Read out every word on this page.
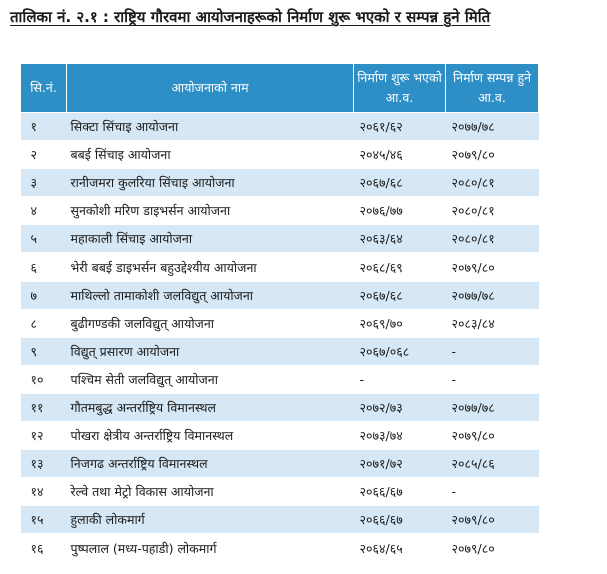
तालिका नं. २.१ : राष्ट्रिय गौरवमा आयोजनाहरूको निर्माण शुरू भएको र सम्पन्न हुने मिति
सि.नं.	आयोजनाको नाम	निर्माण शुरू भएको आ.व.	निर्माण सम्पन्न हुने आ.व.
१	सिक्टा सिंचाइ आयोजना	२०६१/६२	२०७७/७८
२	बबई सिंचाइ आयोजना	२०४५/४६	२०७९/८०
३	रानीजमरा कुलरिया सिंचाइ आयोजना	२०६७/६८	२०८०/८१
४	सुनकोशी मरिण डाइभर्सन आयोजना	२०७६/७७	२०८०/८१
५	महाकाली सिंचाइ आयोजना	२०६३/६४	२०८०/८१
६	भेरी बबई डाइभर्सन बहुउद्देश्यीय आयोजना	२०६८/६९	२०७९/८०
७	माथिल्लो तामाकोशी जलविद्युत् आयोजना	२०६७/६८	२०७७/७८
८	बुढीगण्डकी जलविद्युत् आयोजना	२०६९/७०	२०८३/८४
९	विद्युत् प्रसारण आयोजना	२०६७/०६८	-
१०	पश्चिम सेती जलविद्युत् आयोजना	-	-
११	गौतमबुद्ध अन्तर्राष्ट्रिय विमानस्थल	२०७२/७३	२०७७/७८
१२	पोखरा क्षेत्रीय अन्तर्राष्ट्रिय विमानस्थल	२०७३/७४	२०७९/८०
१३	निजगढ अन्तर्राष्ट्रिय विमानस्थल	२०७१/७२	२०८५/८६
१४	रेल्वे तथा मेट्रो विकास आयोजना	२०६६/६७	-
१५	हुलाकी लोकमार्ग	२०६६/६७	२०७९/८०
१६	पुष्पलाल (मध्य-पहाडी) लोकमार्ग	२०६४/६५	२०७९/८०
